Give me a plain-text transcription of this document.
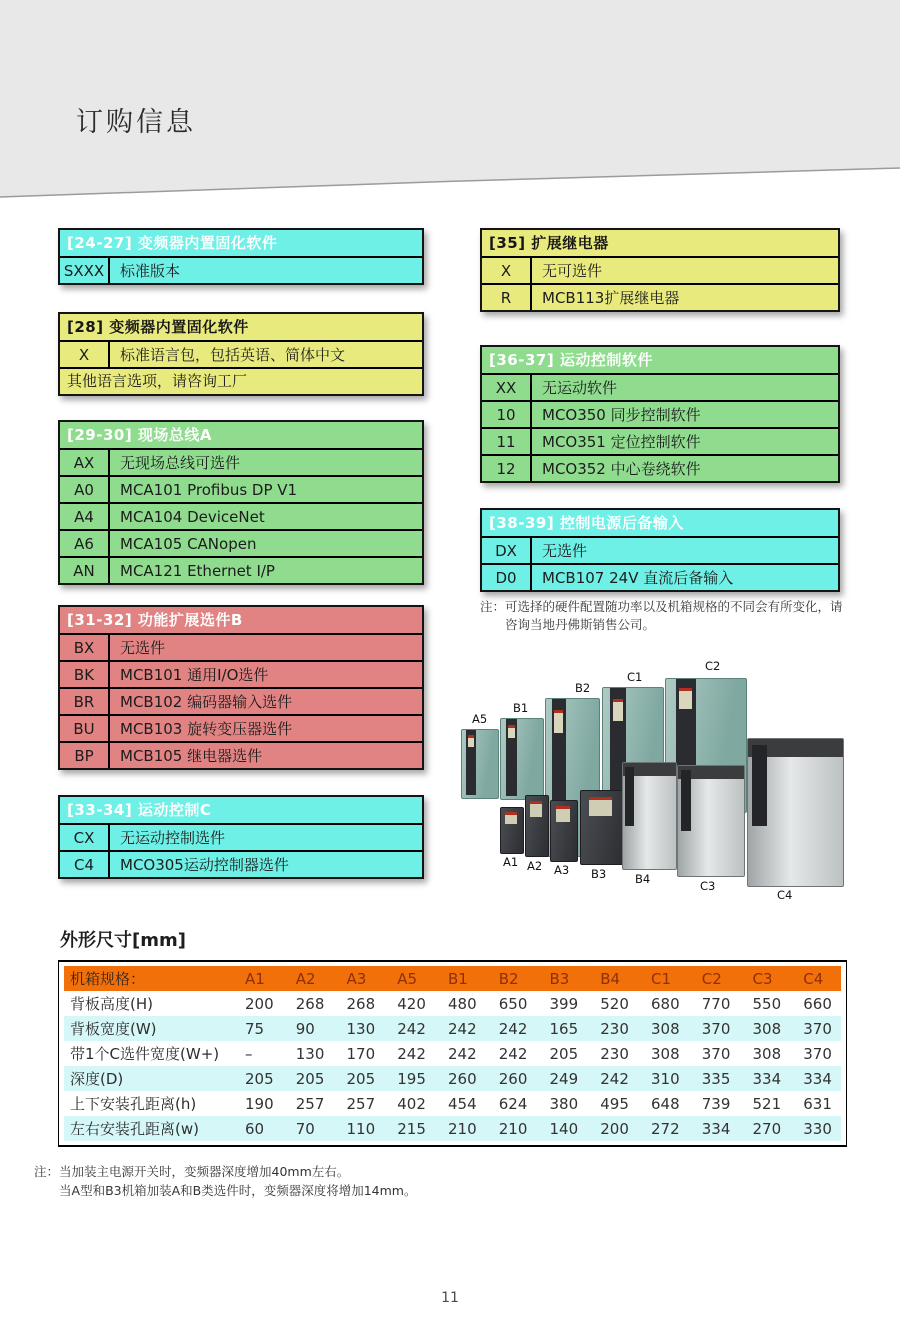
订购信息
[24-27] 变频器内置固化软件
SXXX	标准版本
[28] 变频器内置固化软件
X	标准语言包，包括英语、简体中文
其他语言选项，请咨询工厂
[29-30] 现场总线A
AX	无现场总线可选件
A0	MCA101 Profibus DP V1
A4	MCA104 DeviceNet
A6	MCA105 CANopen
AN	MCA121 Ethernet I/P
[31-32] 功能扩展选件B
BX	无选件
BK	MCB101 通用I/O选件
BR	MCB102 编码器输入选件
BU	MCB103 旋转变压器选件
BP	MCB105 继电器选件
[33-34] 运动控制C
CX	无运动控制选件
C4	MCO305运动控制器选件
[35] 扩展继电器
X	无可选件
R	MCB113扩展继电器
[36-37] 运动控制软件
XX	无运动软件
10	MCO350 同步控制软件
11	MCO351 定位控制软件
12	MCO352 中心卷绕软件
[38-39] 控制电源后备输入
DX	无选件
D0	MCB107 24V 直流后备输入
注： 可选择的硬件配置随功率以及机箱规格的不同会有所变化，请咨询当地丹佛斯销售公司。
A5
B1
B2
C1
C2
A1 A2 A3 B3	B4	C3
C4
外形尺寸[mm]
机箱规格：	A1	A2	A3	A5	B1	B2	B3	B4	C1	C2	C3	C4
背板高度(H)	200	268	268	420	480	650	399	520	680	770	550	660
背板宽度(W)	75	90	130	242	242	242	165	230	308	370	308	370
带1个C选件宽度(W+)	–	130	170	242	242	242	205	230	308	370	308	370
深度(D)	205	205	205	195	260	260	249	242	310	335	334	334
上下安装孔距离(h)	190	257	257	402	454	624	380	495	648	739	521	631
左右安装孔距离(w)	60	70	110	215	210	210	140	200	272	334	270	330
注： 当加装主电源开关时，变频器深度增加40mm左右。
当A型和B3机箱加装A和B类选件时，变频器深度将增加14mm。
11
